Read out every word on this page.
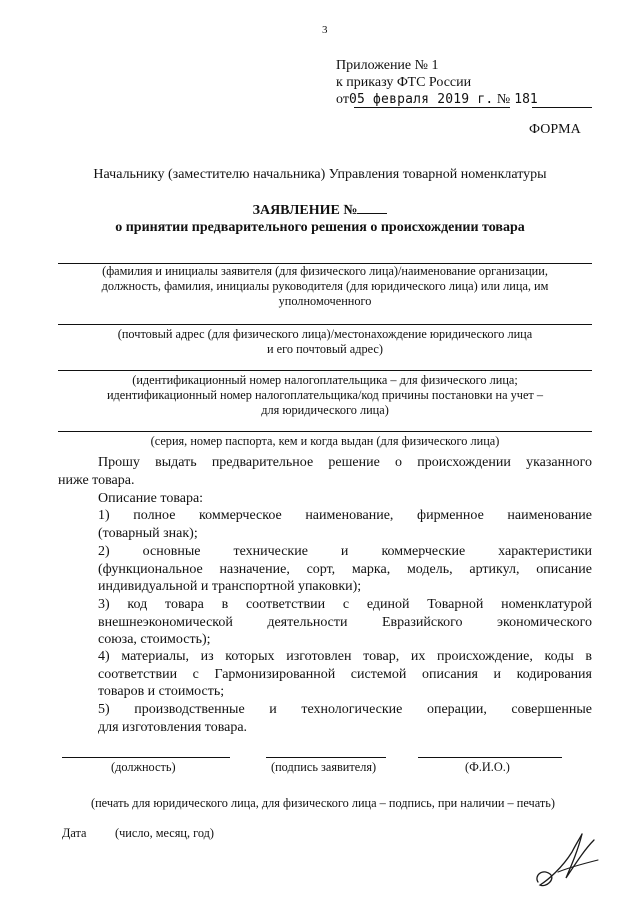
3
Приложение № 1
к приказу ФТС России
от05 февраля 2019 г. № 181
ФОРМА
Начальнику (заместителю начальника) Управления товарной номенклатуры
ЗАЯВЛЕНИЕ №
о принятии предварительного решения о происхождении товара
(фамилия и инициалы заявителя (для физического лица)/наименование организации,
должность, фамилия, инициалы руководителя (для юридического лица) или лица, им
уполномоченного
(почтовый адрес (для физического лица)/местонахождение юридического лица
и его почтовый адрес)
(идентификационный номер налогоплательщика – для физического лица;
идентификационный номер налогоплательщика/код причины постановки на учет –
для юридического лица)
(серия, номер паспорта, кем и когда выдан (для физического лица)
Прошу выдать предварительное решение о происхождении указанного
ниже товара.
Описание товара:
1) полное коммерческое наименование, фирменное наименование
(товарный знак);
2) основные технические и коммерческие характеристики
(функциональное назначение, сорт, марка, модель, артикул, описание
индивидуальной и транспортной упаковки);
3) код товара в соответствии с единой Товарной номенклатурой
внешнеэкономической деятельности Евразийского экономического
союза, стоимость);
4) материалы, из которых изготовлен товар, их происхождение, коды в
соответствии с Гармонизированной системой описания и кодирования
товаров и стоимость;
5) производственные и технологические операции, совершенные
для изготовления товара.
(должность)	(подпись заявителя)	(Ф.И.О.)
(печать для юридического лица, для физического лица – подпись, при наличии – печать)
Дата (число, месяц, год)
